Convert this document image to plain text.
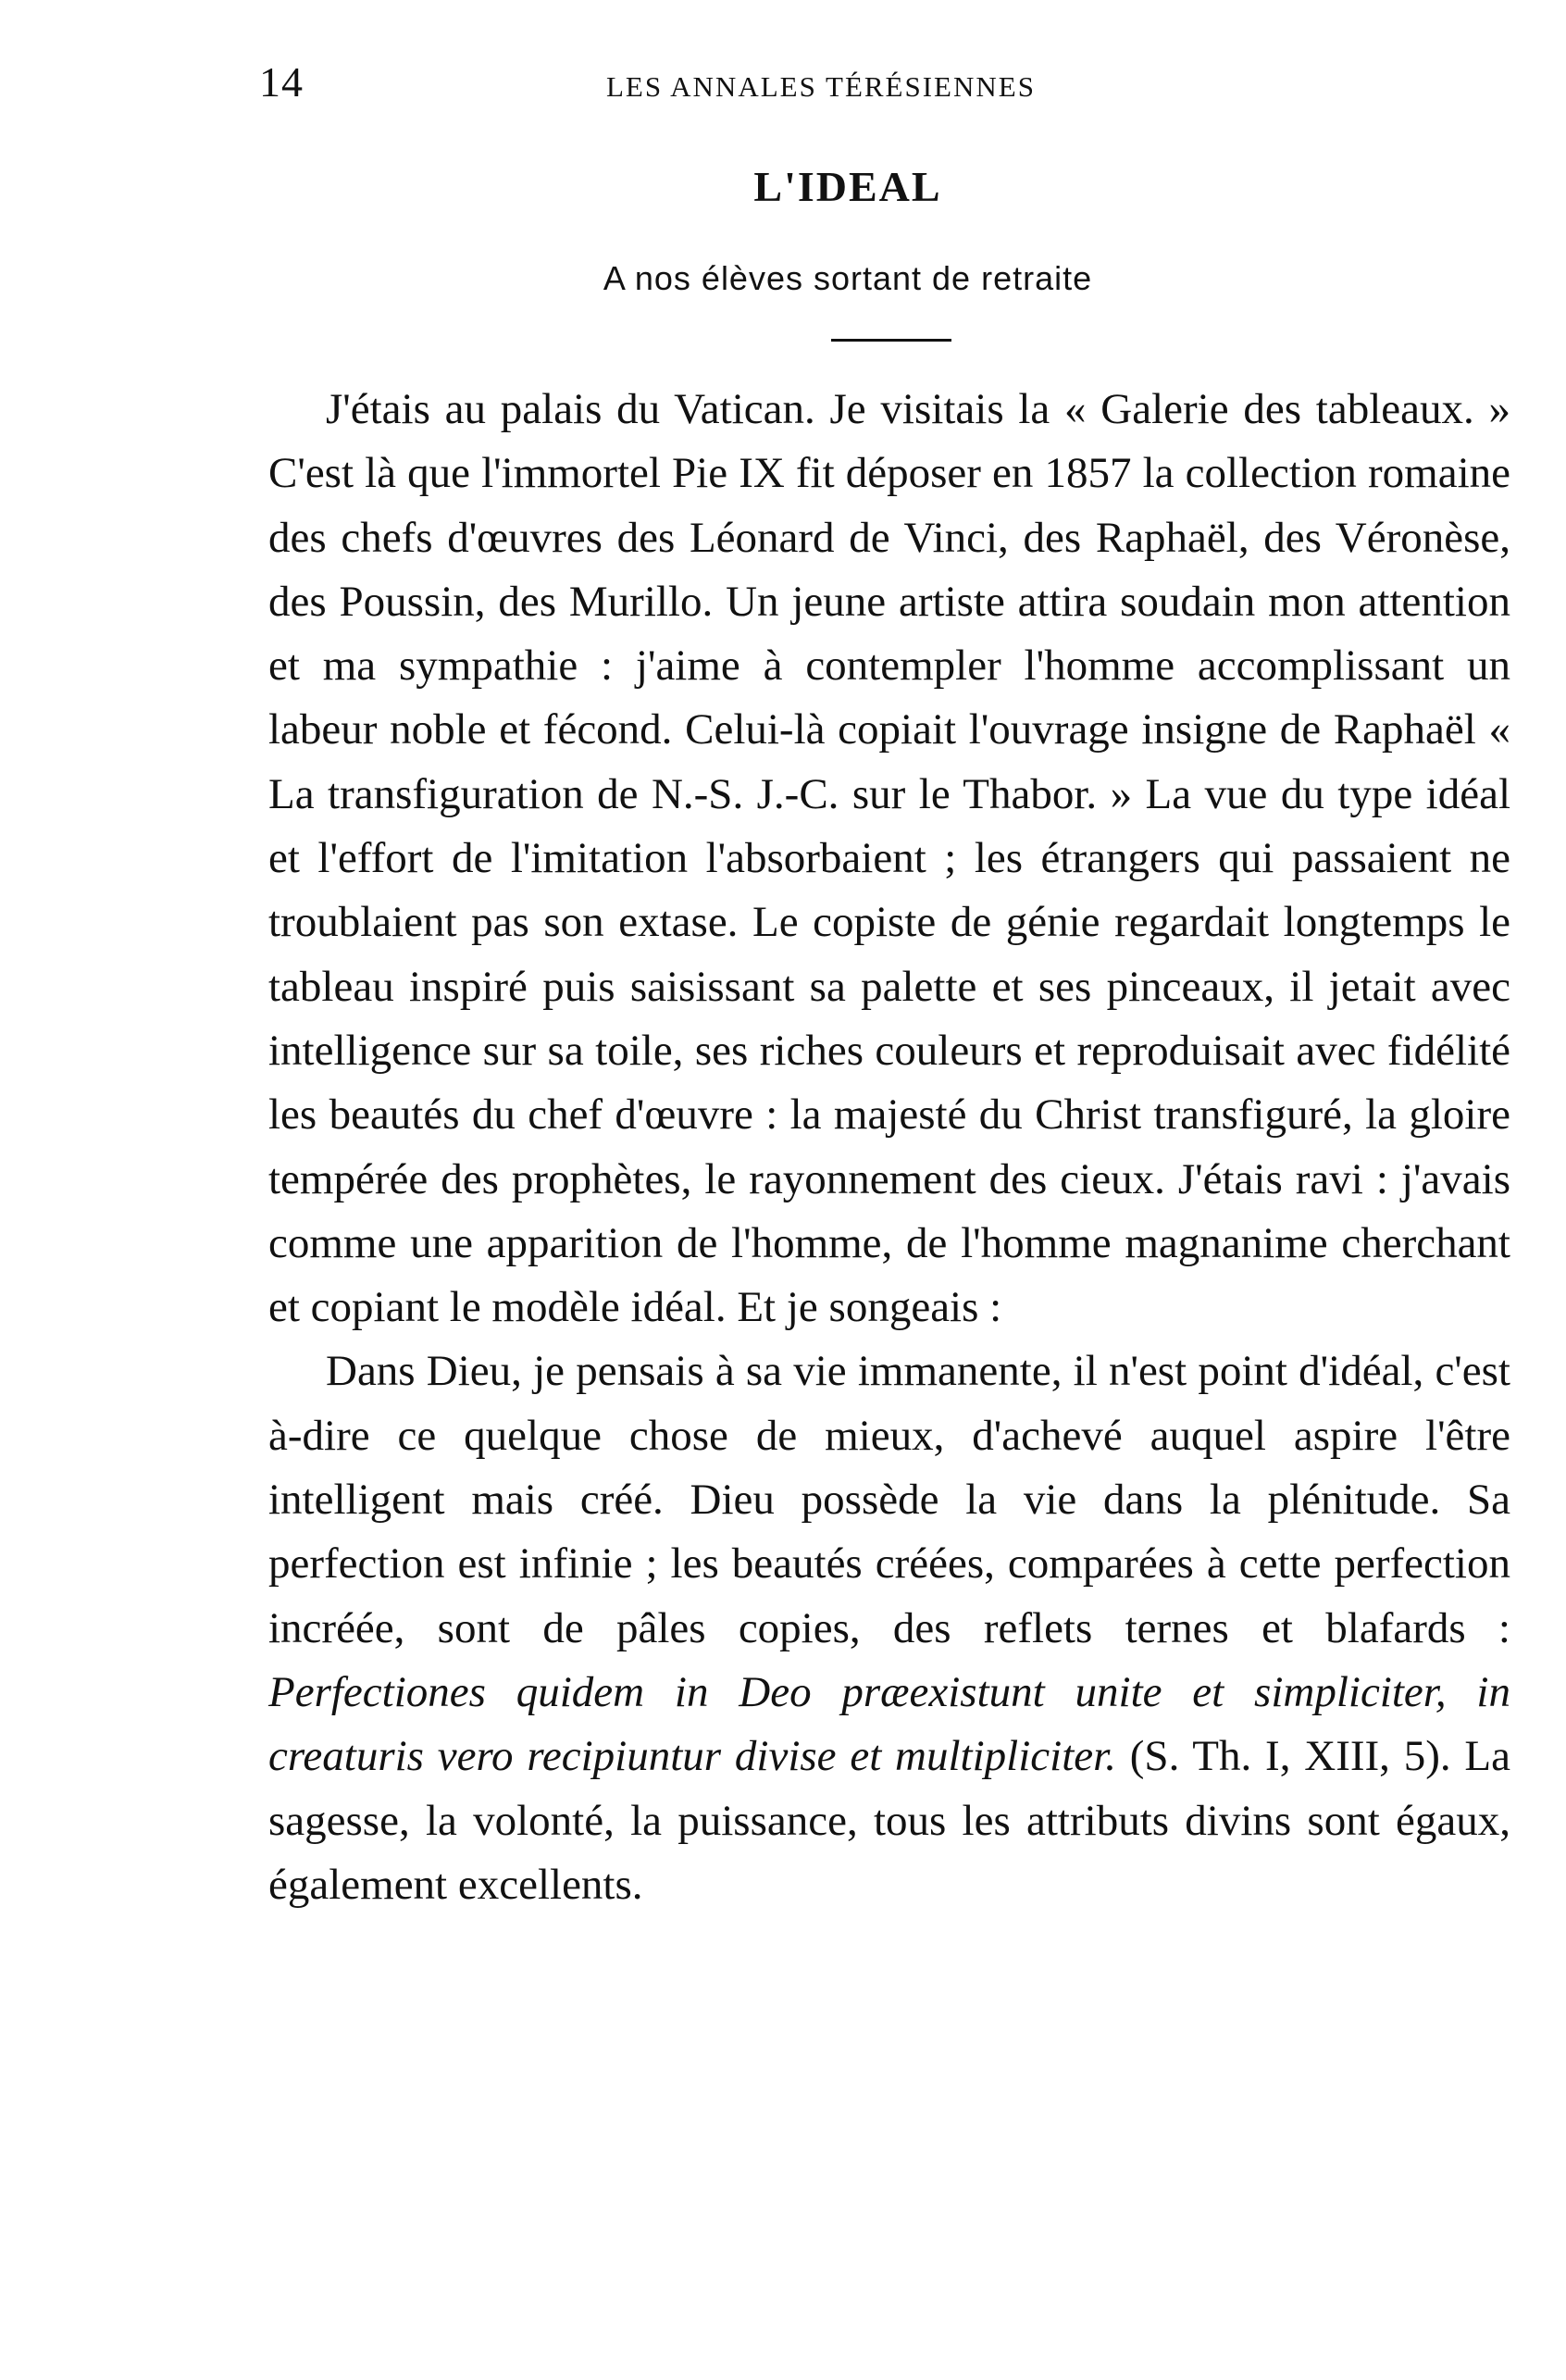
14	LES ANNALES TÉRÉSIENNES
L'IDEAL
A nos élèves sortant de retraite

J'étais au palais du Vatican. Je visitais la « Galerie des tableaux. » C'est là que l'immortel Pie IX fit déposer en 1857 la collection romaine des chefs d'œuvres des Léonard de Vinci, des Raphaël, des Véronèse, des Poussin, des Murillo. Un jeune artiste attira soudain mon attention et ma sympathie : j'aime à contempler l'homme accomplissant un labeur noble et fécond. Celui-là copiait l'ouvrage insigne de Raphaël « La transfiguration de N.-S. J.-C. sur le Thabor. » La vue du type idéal et l'effort de l'imitation l'absorbaient ; les étrangers qui passaient ne troublaient pas son extase. Le copiste de génie regardait longtemps le tableau inspiré puis saisissant sa palette et ses pinceaux, il jetait avec intelligence sur sa toile, ses riches couleurs et reproduisait avec fidélité les beautés du chef d'œuvre : la majesté du Christ transfiguré, la gloire tempérée des prophètes, le rayonnement des cieux. J'étais ravi : j'avais comme une apparition de l'homme, de l'homme magnanime cherchant et copiant le modèle idéal. Et je songeais :

Dans Dieu, je pensais à sa vie immanente, il n'est point d'idéal, c'est à-dire ce quelque chose de mieux, d'achevé auquel aspire l'être intelligent mais créé. Dieu possède la vie dans la plénitude. Sa perfection est infinie ; les beautés créées, comparées à cette perfection incréée, sont de pâles copies, des reflets ternes et blafards : Perfectiones quidem in Deo præexistunt unite et simpliciter, in creaturis vero recipiuntur divise et multipliciter. (S. Th. I, XIII, 5). La sagesse, la volonté, la puissance, tous les attributs divins sont égaux, également excellents.
